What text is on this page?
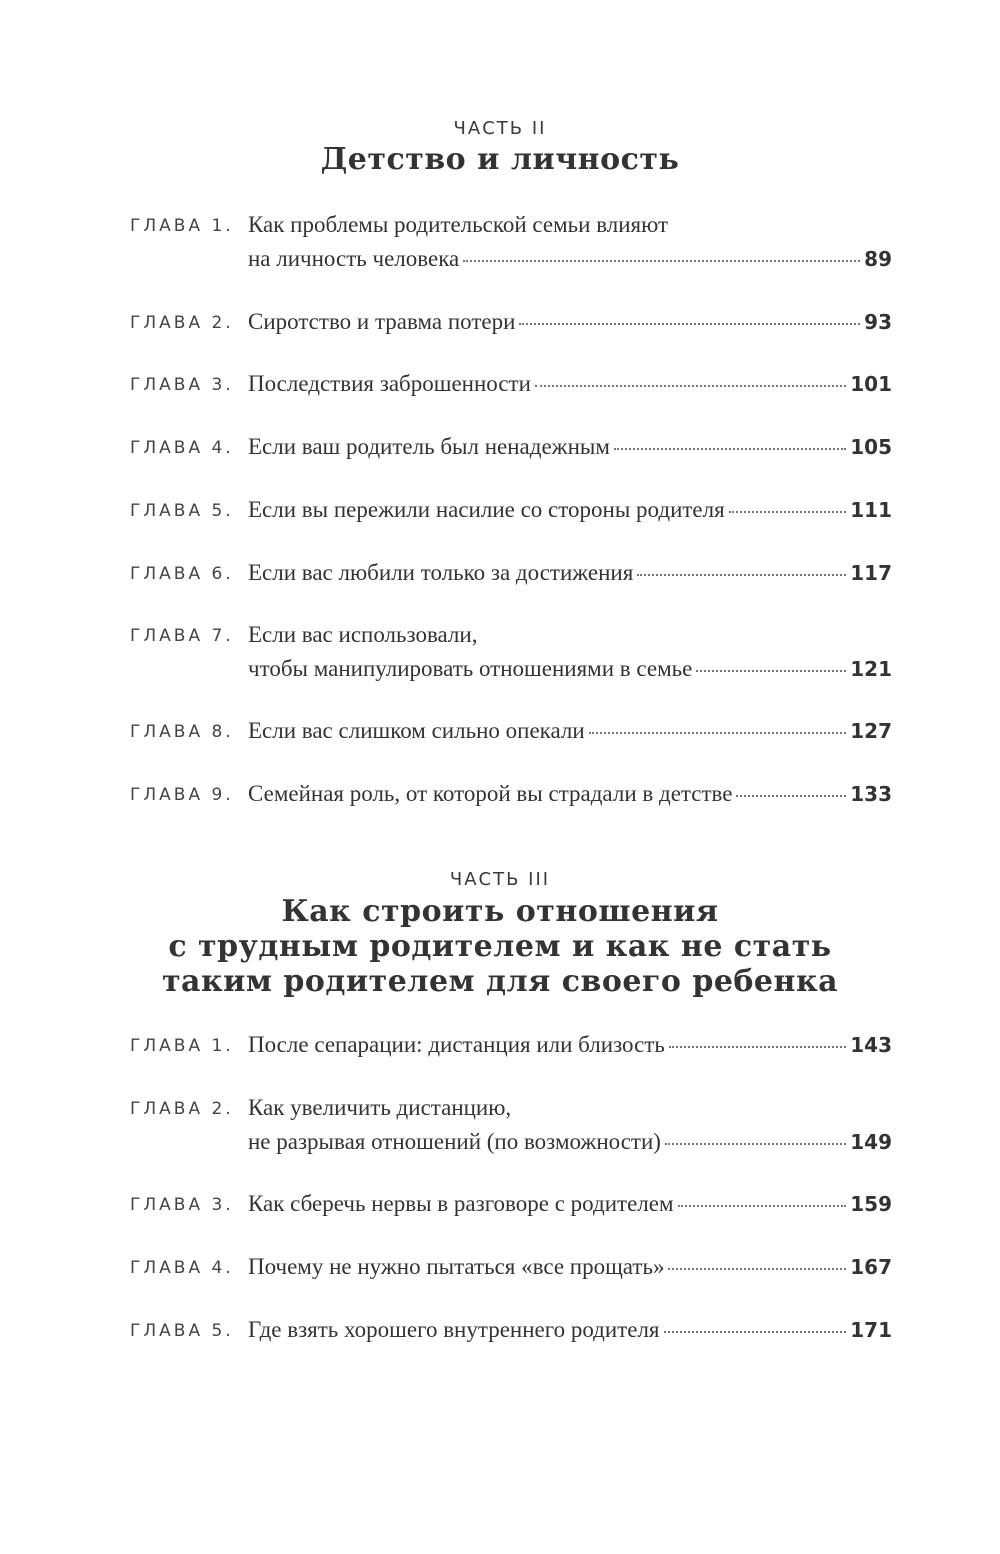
ЧАСТЬ II
Детство и личность
ГЛАВА 1. Как проблемы родительской семьи влияют
на личность человека	89
ГЛАВА 2. Сиротство и травма потери	93
ГЛАВА 3. Последствия заброшенности	101
ГЛАВА 4. Если ваш родитель был ненадежным	105
ГЛАВА 5. Если вы пережили насилие со стороны родителя	111
ГЛАВА 6. Если вас любили только за достижения	117
ГЛАВА 7. Если вас использовали,
чтобы манипулировать отношениями в семье	121
ГЛАВА 8. Если вас слишком сильно опекали	127
ГЛАВА 9. Семейная роль, от которой вы страдали в детстве	133
ЧАСТЬ III
Как строить отношения
с трудным родителем и как не стать
таким родителем для своего ребенка
ГЛАВА 1. После сепарации: дистанция или близость	143
ГЛАВА 2. Как увеличить дистанцию,
не разрывая отношений (по возможности)	149
ГЛАВА 3. Как сберечь нервы в разговоре с родителем	159
ГЛАВА 4. Почему не нужно пытаться «все прощать»	167
ГЛАВА 5. Где взять хорошего внутреннего родителя	171
